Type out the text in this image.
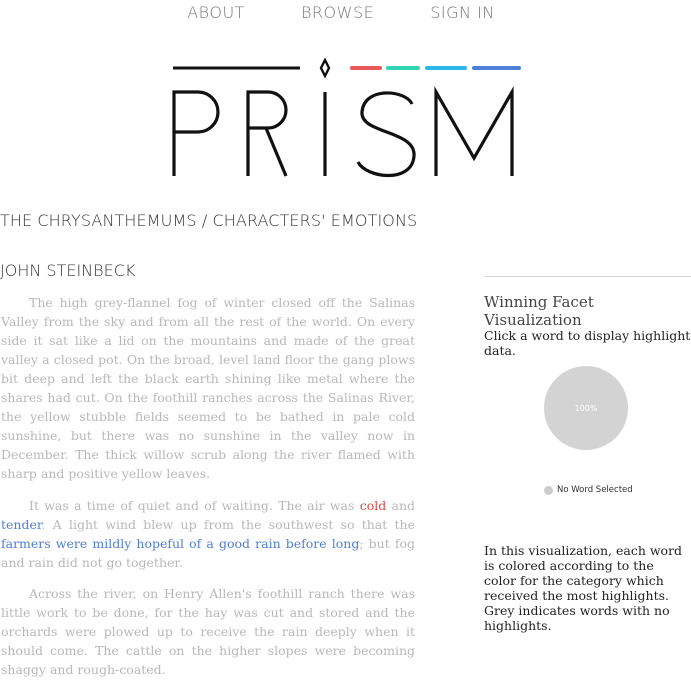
ABOUT	BROWSE	SIGN IN
THE CHRYSANTHEMUMS / CHARACTERS' EMOTIONS
JOHN STEINBECK

The high grey-flannel fog of winter closed off the Salinas Valley from the sky and from all the rest of the world. On every side it sat like a lid on the mountains and made of the great valley a closed pot. On the broad, level land floor the gang plows bit deep and left the black earth shining like metal where the shares had cut. On the foothill ranches across the Salinas River, the yellow stubble fields seemed to be bathed in pale cold sunshine, but there was no sunshine in the valley now in December. The thick willow scrub along the river flamed with sharp and positive yellow leaves.

It was a time of quiet and of waiting. The air was cold and tender. A light wind blew up from the southwest so that the farmers were mildly hopeful of a good rain before long; but fog and rain did not go together.

Across the river, on Henry Allen's foothill ranch there was little work to be done, for the hay was cut and stored and the orchards were plowed up to receive the rain deeply when it should come. The cattle on the higher slopes were becoming shaggy and rough-coated.

Winning Facet Visualization
Click a word to display highlight data.
100%
No Word Selected
In this visualization, each word is colored according to the color for the category which received the most highlights. Grey indicates words with no highlights.
